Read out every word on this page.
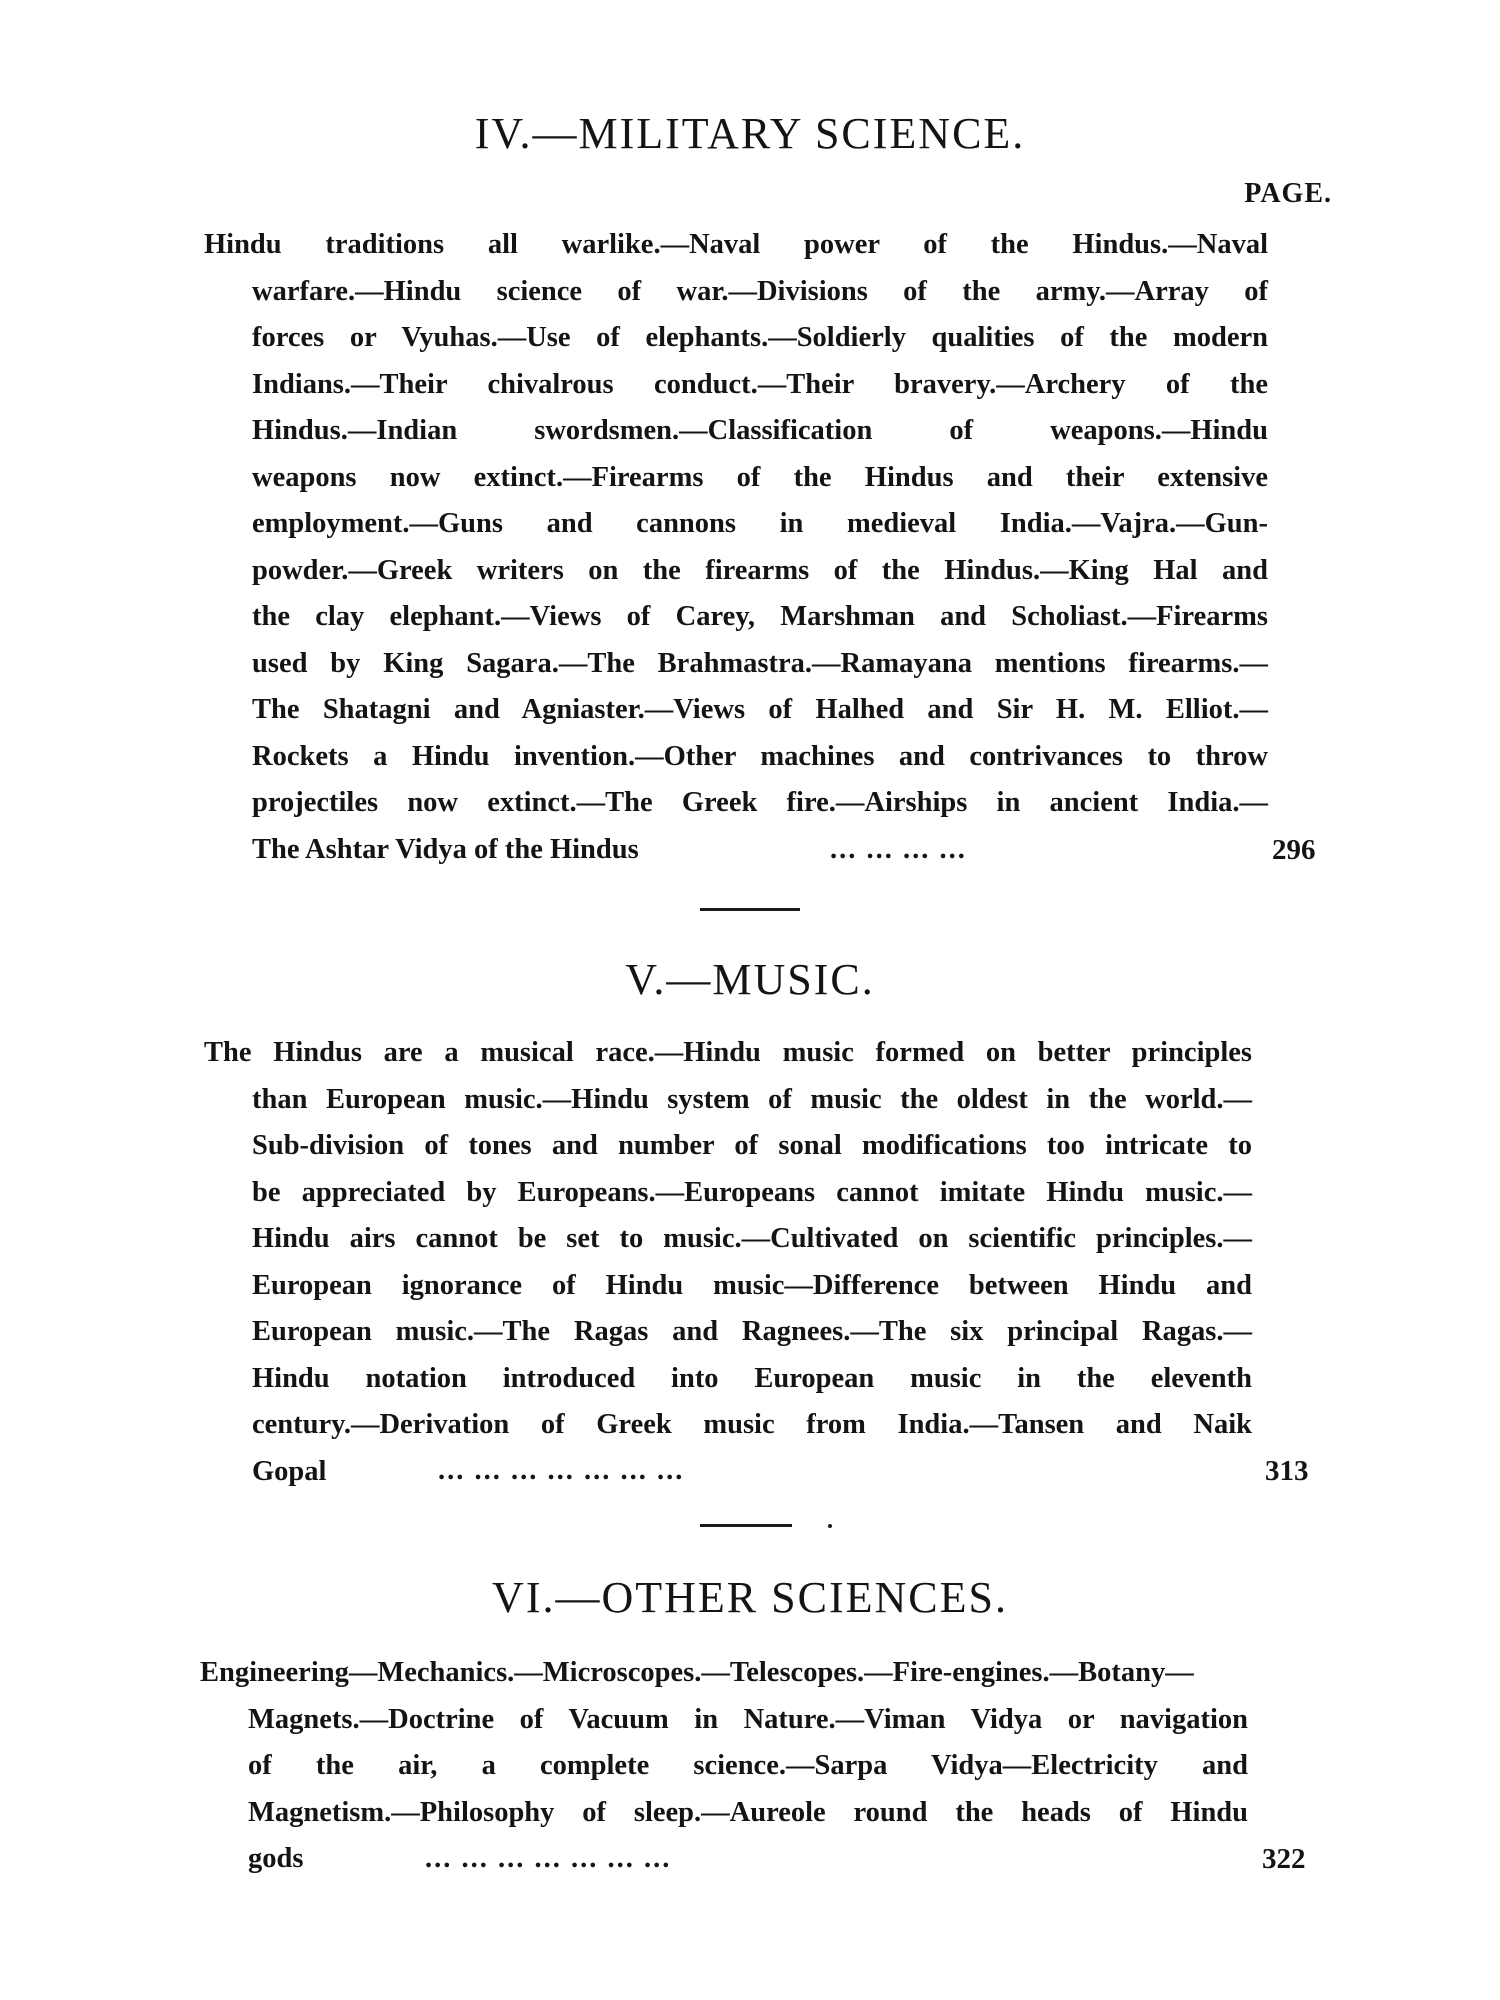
IV.—MILITARY SCIENCE.
PAGE.
Hindu traditions all warlike.—Naval power of the Hindus.—Naval
warfare.—Hindu science of war.—Divisions of the army.—Array of
forces or Vyuhas.—Use of elephants.—Soldierly qualities of the modern
Indians.—Their chivalrous conduct.—Their bravery.—Archery of the
Hindus.—Indian swordsmen.—Classification of weapons.—Hindu
weapons now extinct.—Firearms of the Hindus and their extensive
employment.—Guns and cannons in medieval India.—Vajra.—Gun-
powder.—Greek writers on the firearms of the Hindus.—King Hal and
the clay elephant.—Views of Carey, Marshman and Scholiast.—Firearms
used by King Sagara.—The Brahmastra.—Ramayana mentions firearms.—
The Shatagni and Agniaster.—Views of Halhed and Sir H. M. Elliot.—
Rockets a Hindu invention.—Other machines and contrivances to throw
projectiles now extinct.—The Greek fire.—Airships in ancient India.—
The Ashtar Vidya of the Hindus	... ... ... ...	296
V.—MUSIC.
The Hindus are a musical race.—Hindu music formed on better principles
than European music.—Hindu system of music the oldest in the world.—
Sub-division of tones and number of sonal modifications too intricate to
be appreciated by Europeans.—Europeans cannot imitate Hindu music.—
Hindu airs cannot be set to music.—Cultivated on scientific principles.—
European ignorance of Hindu music—Difference between Hindu and
European music.—The Ragas and Ragnees.—The six principal Ragas.—
Hindu notation introduced into European music in the eleventh
century.—Derivation of Greek music from India.—Tansen and Naik
Gopal	... ... ... ... ... ... ...	313
VI.—OTHER SCIENCES.
Engineering—Mechanics.—Microscopes.—Telescopes.—Fire-engines.—Botany—
Magnets.—Doctrine of Vacuum in Nature.—Viman Vidya or navigation
of the air, a complete science.—Sarpa Vidya—Electricity and
Magnetism.—Philosophy of sleep.—Aureole round the heads of Hindu
gods	... ... ... ... ... ... ...	322
